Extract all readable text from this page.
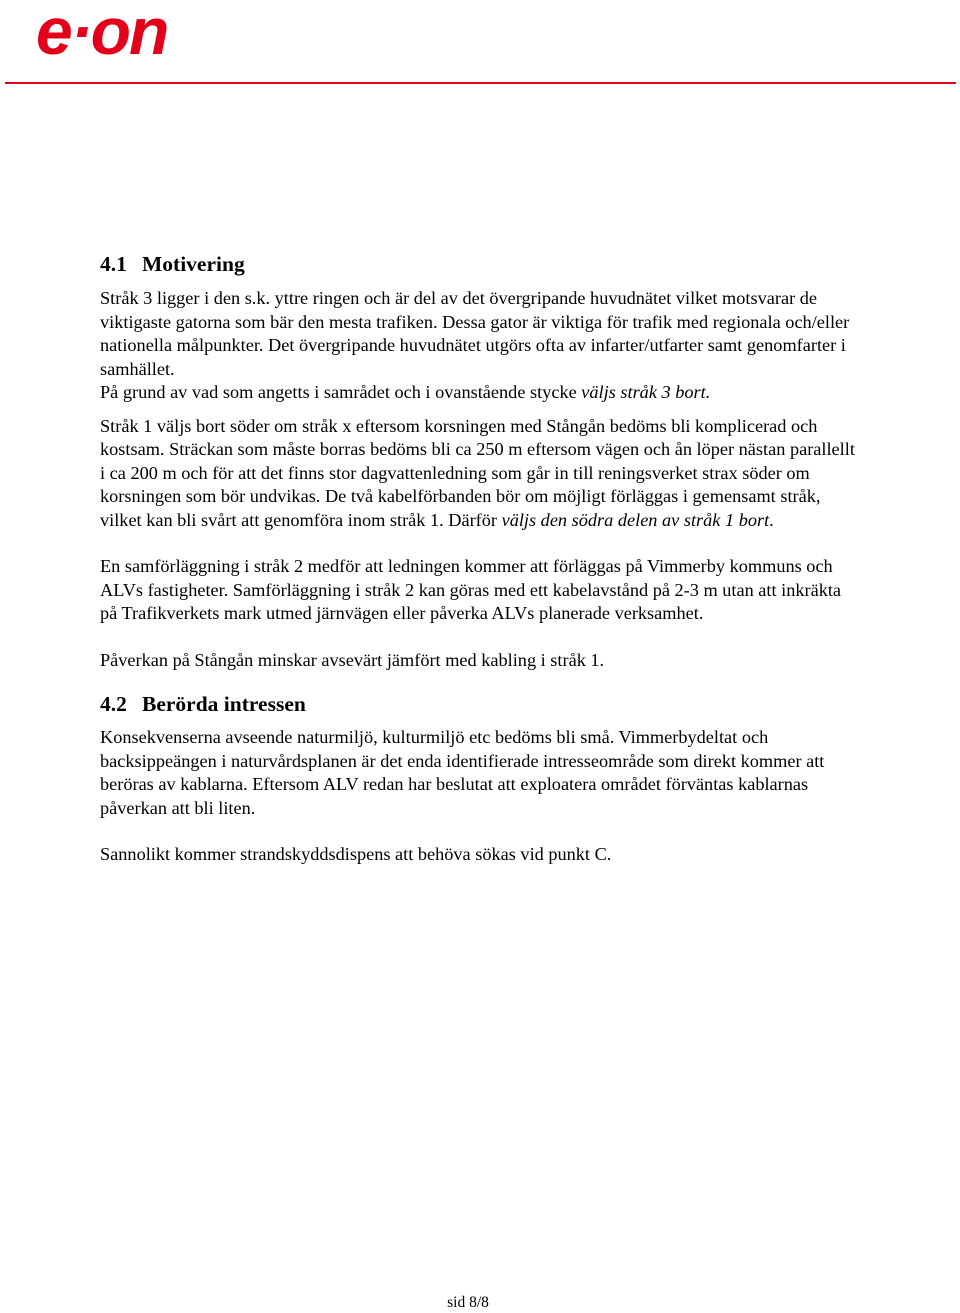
e·on
4.1 Motivering

Stråk 3 ligger i den s.k. yttre ringen och är del av det övergripande huvudnätet vilket motsvarar de viktigaste gatorna som bär den mesta trafiken. Dessa gator är viktiga för trafik med regionala och/eller nationella målpunkter. Det övergripande huvudnätet utgörs ofta av infarter/utfarter samt genomfarter i samhället.
På grund av vad som angetts i samrådet och i ovanstående stycke väljs stråk 3 bort.

Stråk 1 väljs bort söder om stråk x eftersom korsningen med Stångån bedöms bli komplicerad och kostsam. Sträckan som måste borras bedöms bli ca 250 m eftersom vägen och ån löper nästan parallellt i ca 200 m och för att det finns stor dagvattenledning som går in till reningsverket strax söder om korsningen som bör undvikas. De två kabelförbanden bör om möjligt förläggas i gemensamt stråk, vilket kan bli svårt att genomföra inom stråk 1. Därför väljs den södra delen av stråk 1 bort.

En samförläggning i stråk 2 medför att ledningen kommer att förläggas på Vimmerby kommuns och ALVs fastigheter. Samförläggning i stråk 2 kan göras med ett kabelavstånd på 2-3 m utan att inkräkta på Trafikverkets mark utmed järnvägen eller påverka ALVs planerade verksamhet.

Påverkan på Stångån minskar avsevärt jämfört med kabling i stråk 1.

4.2 Berörda intressen

Konsekvenserna avseende naturmiljö, kulturmiljö etc bedöms bli små. Vimmerbydeltat och backsippeängen i naturvårdsplanen är det enda identifierade intresseområde som direkt kommer att beröras av kablarna. Eftersom ALV redan har beslutat att exploatera området förväntas kablarnas påverkan att bli liten.

Sannolikt kommer strandskyddsdispens att behöva sökas vid punkt C.

sid 8/8
